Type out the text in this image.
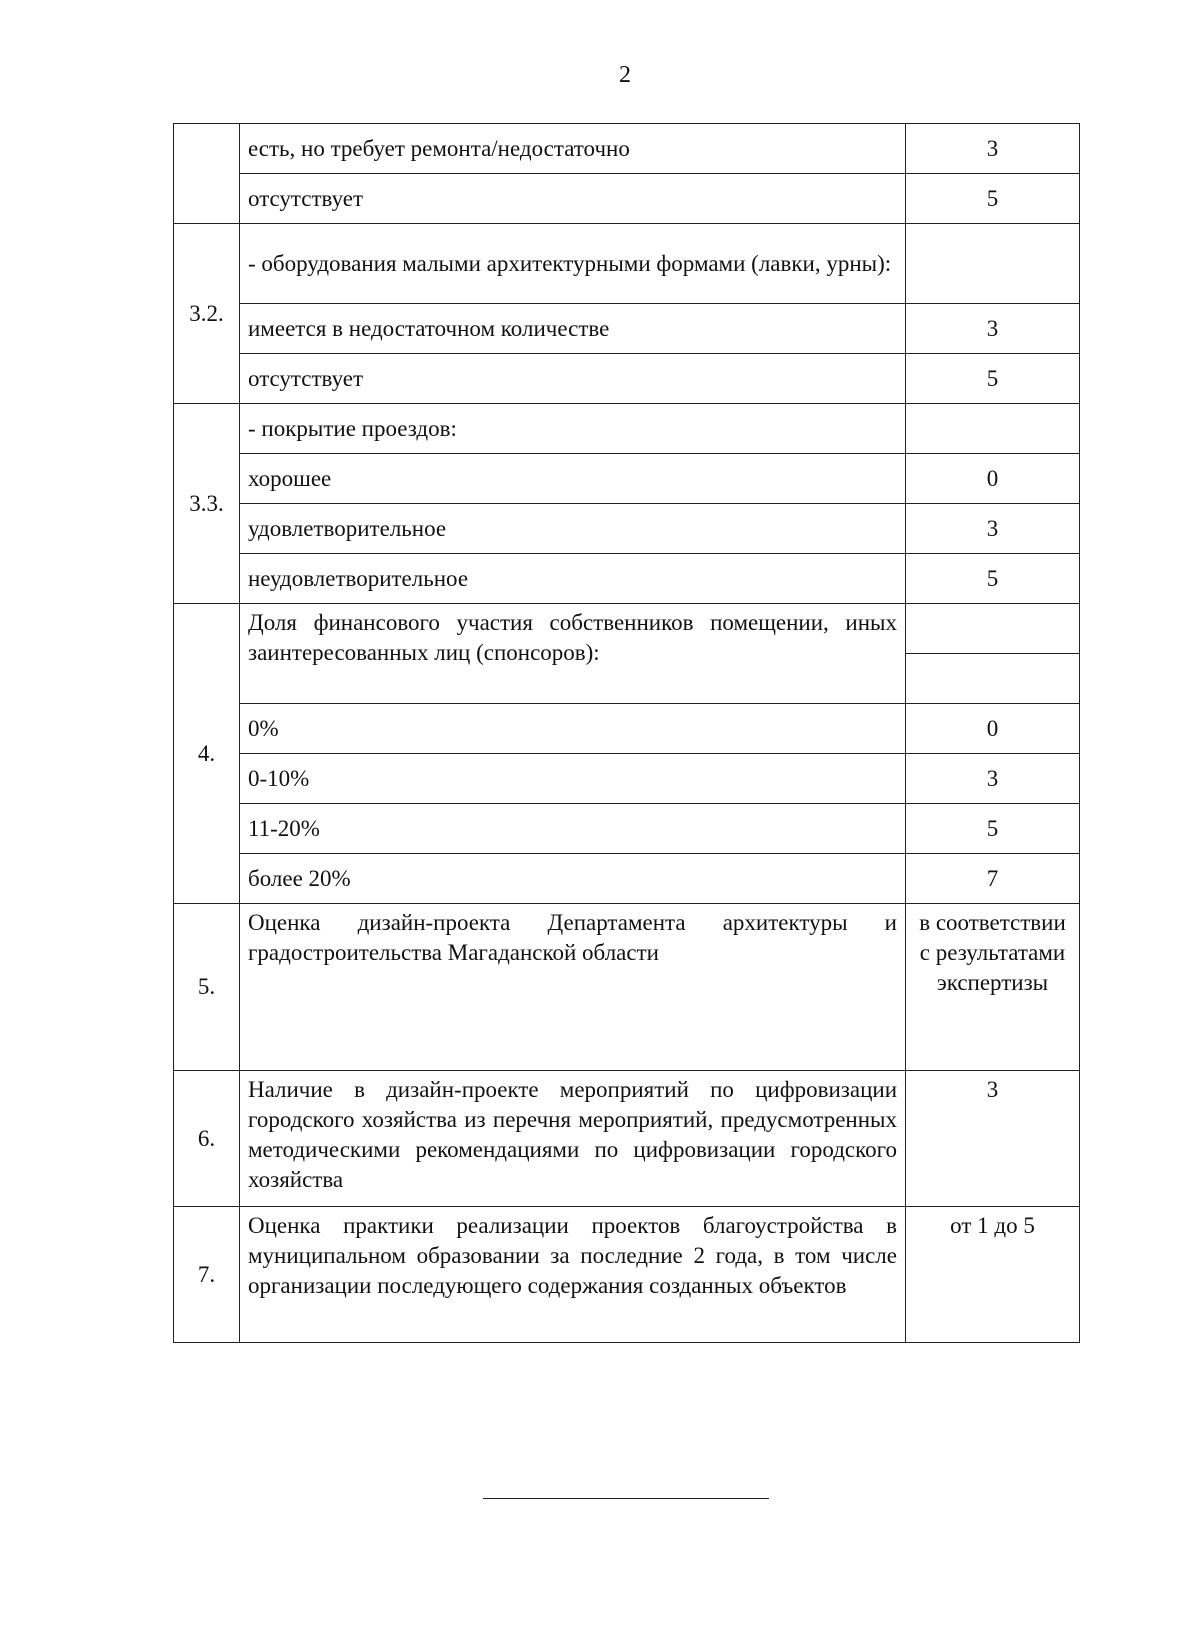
2
	есть, но требует ремонта/недостаточно	3
	отсутствует	5
3.2.	- оборудования малыми архитектурными формами (лавки, урны):	
	имеется в недостаточном количестве	3
	отсутствует	5
3.3.	- покрытие проездов:	
	хорошее	0
	удовлетворительное	3
	неудовлетворительное	5
4.	Доля финансового участия собственников помещении, иных заинтересованных лиц (спонсоров):	

	0%	0
	0-10%	3
	11-20%	5
	более 20%	7
5.	Оценка дизайн-проекта Департамента архитектуры и градостроительства Магаданской области	в соответствии с результатами экспертизы
6.	Наличие в дизайн-проекте мероприятий по цифровизации городского хозяйства из перечня мероприятий, предусмотренных методическими рекомендациями по цифровизации городского хозяйства	3
7.	Оценка практики реализации проектов благоустройства в муниципальном образовании за последние 2 года, в том числе организации последующего содержания созданных объектов	от 1 до 5
